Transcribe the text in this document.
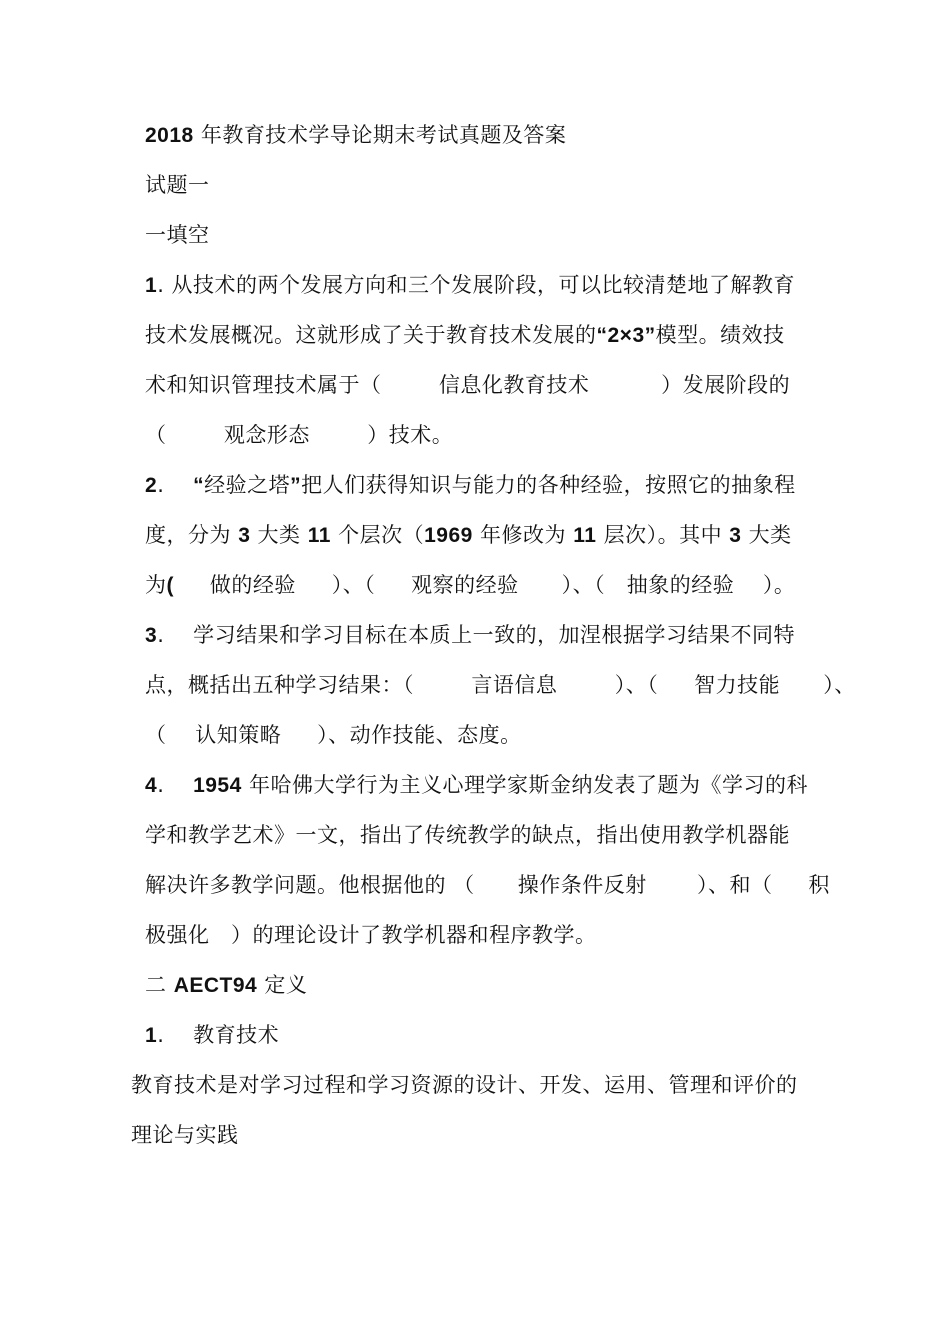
2018 年教育技术学导论期末考试真题及答案
试题一
一填空
1. 从技术的两个发展方向和三个发展阶段，可以比较清楚地了解教育
技术发展概况。这就形成了关于教育技术发展的“2×3”模型。绩效技
术和知识管理技术属于（        信息化教育技术          ）发展阶段的
（        观念形态        ）技术。
2.    “经验之塔”把人们获得知识与能力的各种经验，按照它的抽象程
度，分为 3 大类 11 个层次（1969 年修改为 11 层次）。其中 3 大类
为(     做的经验     ）、（     观察的经验      ）、（   抽象的经验    ）。
3.    学习结果和学习目标在本质上一致的，加涅根据学习结果不同特
点，概括出五种学习结果：（        言语信息        ）、（     智力技能      ）、
（    认知策略     ）、动作技能、态度。
4.    1954 年哈佛大学行为主义心理学家斯金纳发表了题为《学习的科
学和教学艺术》一文，指出了传统教学的缺点，指出使用教学机器能
解决许多教学问题。他根据他的 （      操作条件反射       ）、和（     积
极强化   ）的理论设计了教学机器和程序教学。
二 AECT94 定义
1.    教育技术
教育技术是对学习过程和学习资源的设计、开发、运用、管理和评价的
理论与实践
